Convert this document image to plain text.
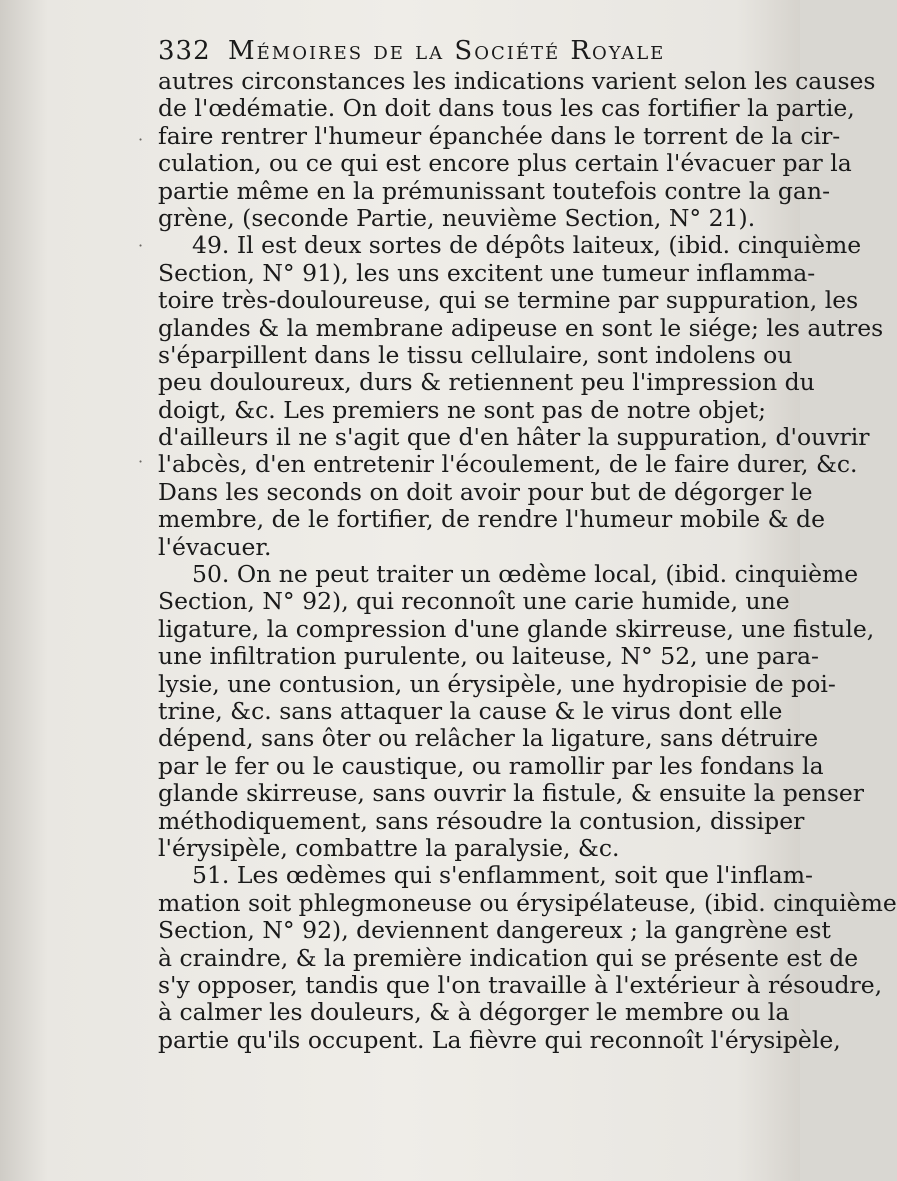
332 Mémoires de la Société Royale
autres circonstances les indications varient selon les causes
de l'œdématie. On doit dans tous les cas fortifier la partie,
faire rentrer l'humeur épanchée dans le torrent de la cir-
culation, ou ce qui est encore plus certain l'évacuer par la
partie même en la prémunissant toutefois contre la gan-
grène, (seconde Partie, neuvième Section, N° 21).
49. Il est deux sortes de dépôts laiteux, (ibid. cinquième
Section, N° 91), les uns excitent une tumeur inflamma-
toire très-douloureuse, qui se termine par suppuration, les
glandes & la membrane adipeuse en sont le siége; les autres
s'éparpillent dans le tissu cellulaire, sont indolens ou
peu douloureux, durs & retiennent peu l'impression du
doigt, &c. Les premiers ne sont pas de notre objet;
d'ailleurs il ne s'agit que d'en hâter la suppuration, d'ouvrir
l'abcès, d'en entretenir l'écoulement, de le faire durer, &c.
Dans les seconds on doit avoir pour but de dégorger le
membre, de le fortifier, de rendre l'humeur mobile & de
l'évacuer.
50. On ne peut traiter un œdème local, (ibid. cinquième
Section, N° 92), qui reconnoît une carie humide, une
ligature, la compression d'une glande skirreuse, une fistule,
une infiltration purulente, ou laiteuse, N° 52, une para-
lysie, une contusion, un érysipèle, une hydropisie de poi-
trine, &c. sans attaquer la cause & le virus dont elle
dépend, sans ôter ou relâcher la ligature, sans détruire
par le fer ou le caustique, ou ramollir par les fondans la
glande skirreuse, sans ouvrir la fistule, & ensuite la penser
méthodiquement, sans résoudre la contusion, dissiper
l'érysipèle, combattre la paralysie, &c.
51. Les œdèmes qui s'enflamment, soit que l'inflam-
mation soit phlegmoneuse ou érysipélateuse, (ibid. cinquième
Section, N° 92), deviennent dangereux ; la gangrène est
à craindre, & la première indication qui se présente est de
s'y opposer, tandis que l'on travaille à l'extérieur à résoudre,
à calmer les douleurs, & à dégorger le membre ou la
partie qu'ils occupent. La fièvre qui reconnoît l'érysipèle,
·
·
·
